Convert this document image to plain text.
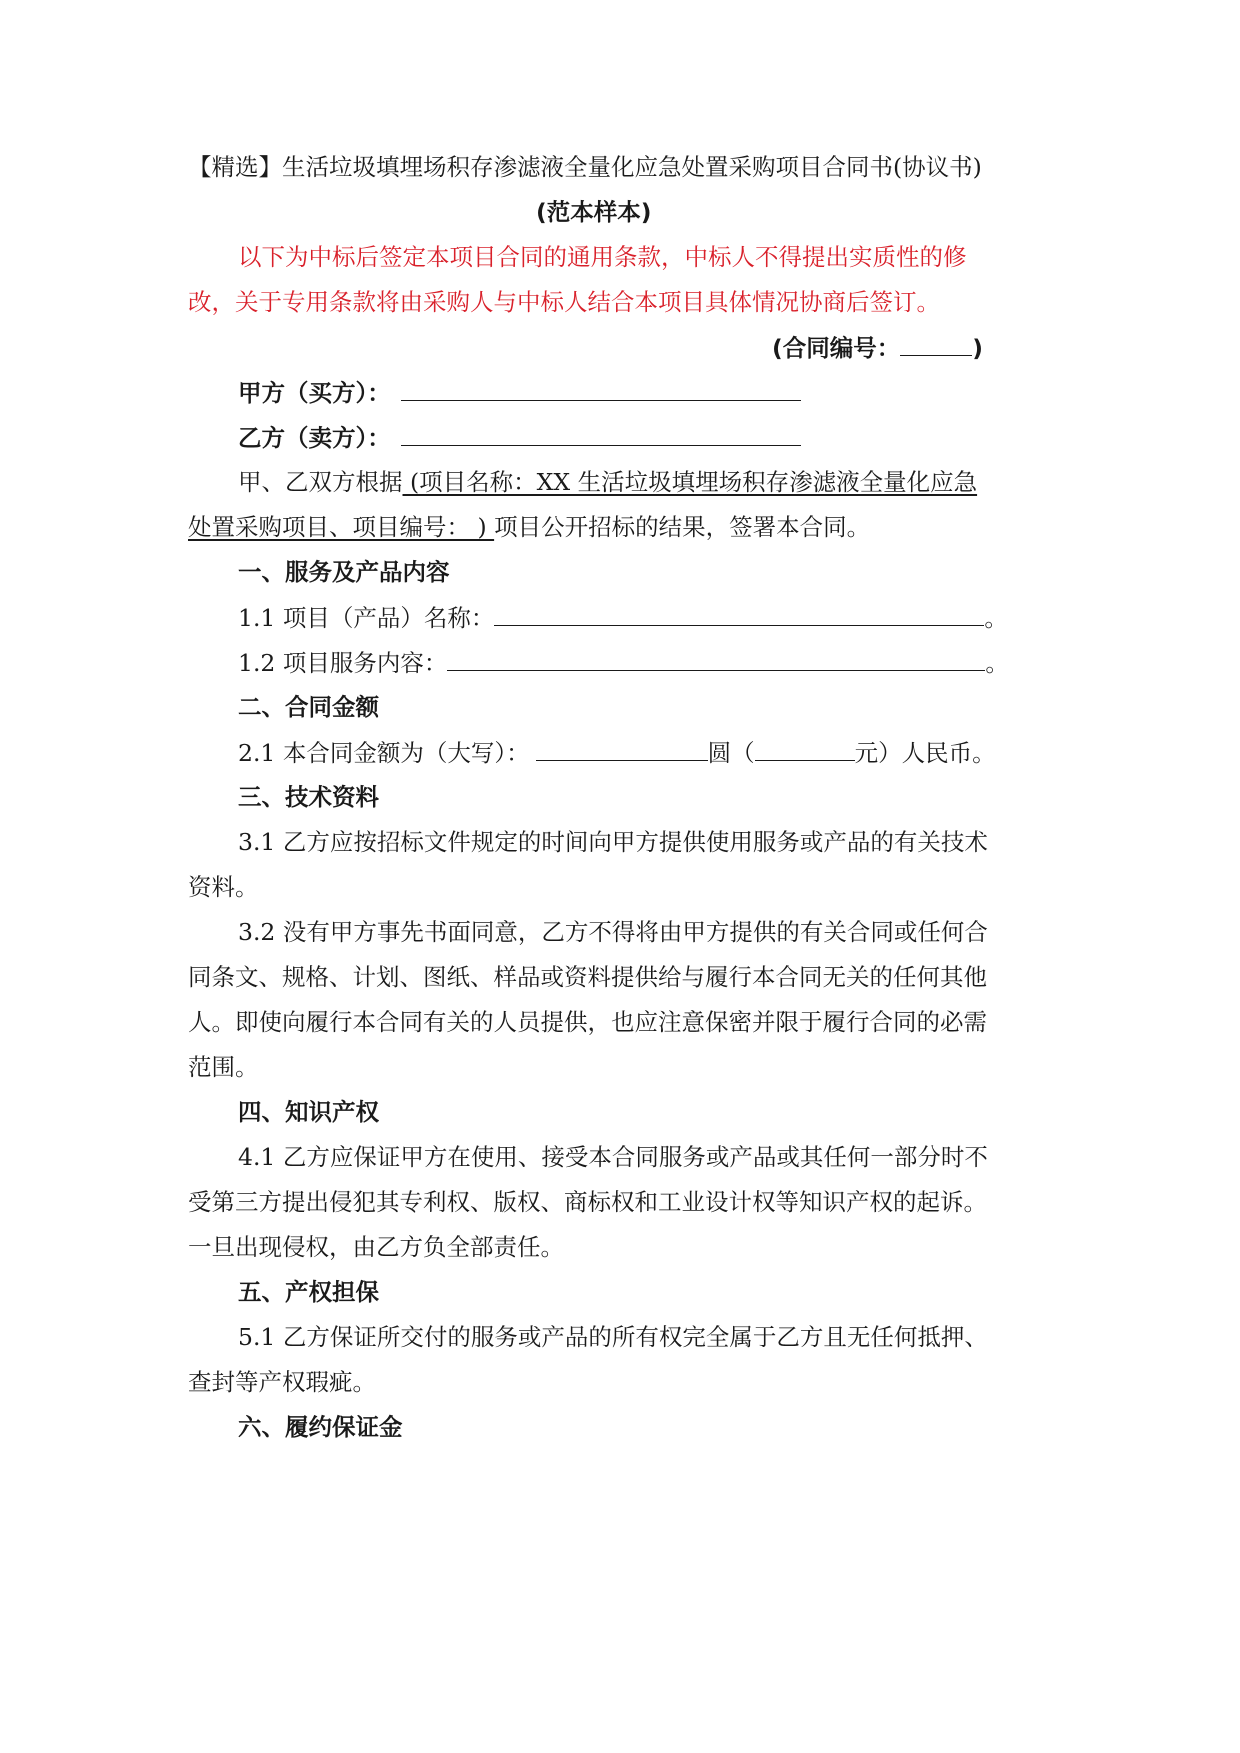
【精选】生活垃圾填埋场积存渗滤液全量化应急处置采购项目合同书(协议书)
(范本样本)
以下为中标后签定本项目合同的通用条款，中标人不得提出实质性的修
改，关于专用条款将由采购人与中标人结合本项目具体情况协商后签订。
(合同编号：	)
甲方（买方）：
乙方（卖方）：
甲、乙双方根据 (项目名称：XX 生活垃圾填埋场积存渗滤液全量化应急
处置采购项目、项目编号： ) 项目公开招标的结果，签署本合同。
一、服务及产品内容
1.1 项目（产品）名称：	。
1.2 项目服务内容：	。
二、合同金额
2.1 本合同金额为（大写）：	圆（	元）人民币。
三、技术资料
3.1 乙方应按招标文件规定的时间向甲方提供使用服务或产品的有关技术
资料。
3.2 没有甲方事先书面同意，乙方不得将由甲方提供的有关合同或任何合
同条文、规格、计划、图纸、样品或资料提供给与履行本合同无关的任何其他
人。即使向履行本合同有关的人员提供，也应注意保密并限于履行合同的必需
范围。
四、知识产权
4.1 乙方应保证甲方在使用、接受本合同服务或产品或其任何一部分时不
受第三方提出侵犯其专利权、版权、商标权和工业设计权等知识产权的起诉。
一旦出现侵权，由乙方负全部责任。
五、产权担保
5.1 乙方保证所交付的服务或产品的所有权完全属于乙方且无任何抵押、
查封等产权瑕疵。
六、履约保证金
